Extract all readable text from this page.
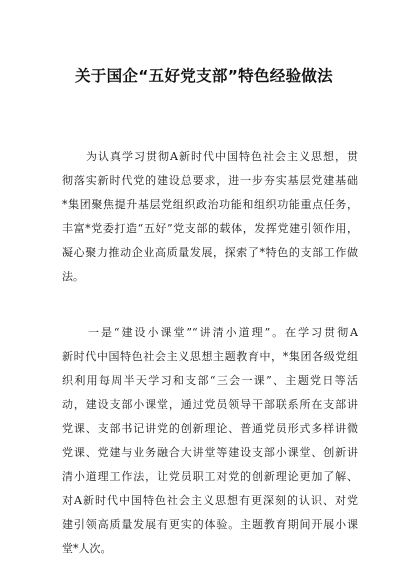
关于国企“五好党支部”特色经验做法
　　为认真学习贯彻A新时代中国特色社会主义思想，贯
彻落实新时代党的建设总要求，进一步夯实基层党建基础
*集团聚焦提升基层党组织政治功能和组织功能重点任务，
丰富*党委打造“五好”党支部的载体，发挥党建引领作用，
凝心聚力推动企业高质量发展，探索了*特色的支部工作做
法。
　　一是“建设小课堂”“讲清小道理”。在学习贯彻A
新时代中国特色社会主义思想主题教育中，*集团各级党组
织利用每周半天学习和支部“三会一课”、主题党日等活
动，建设支部小课堂，通过党员领导干部联系所在支部讲
党课、支部书记讲党的创新理论、普通党员形式多样讲微
党课、党建与业务融合大讲堂等建设支部小课堂、创新讲
清小道理工作法，让党员职工对党的创新理论更加了解、
对A新时代中国特色社会主义思想有更深刻的认识、对党
建引领高质量发展有更实的体验。主题教育期间开展小课
堂*人次。
